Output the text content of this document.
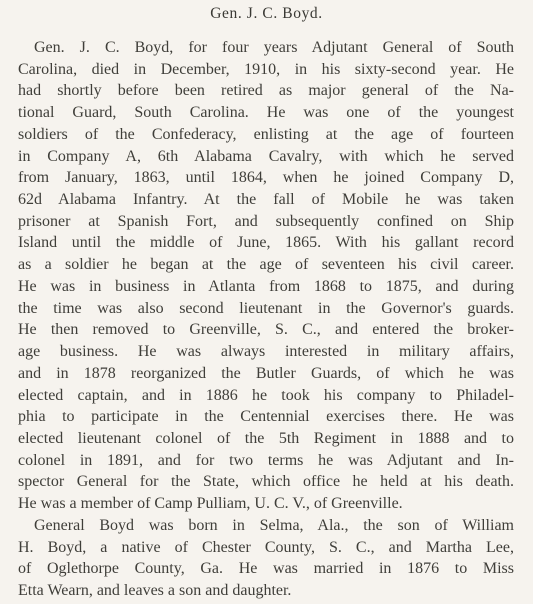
Gen. J. C. Boyd.
Gen. J. C. Boyd, for four years Adjutant General of South
Carolina, died in December, 1910, in his sixty-second year. He
had shortly before been retired as major general of the Na-
tional Guard, South Carolina. He was one of the youngest
soldiers of the Confederacy, enlisting at the age of fourteen
in Company A, 6th Alabama Cavalry, with which he served
from January, 1863, until 1864, when he joined Company D,
62d Alabama Infantry. At the fall of Mobile he was taken
prisoner at Spanish Fort, and subsequently confined on Ship
Island until the middle of June, 1865. With his gallant record
as a soldier he began at the age of seventeen his civil career.
He was in business in Atlanta from 1868 to 1875, and during
the time was also second lieutenant in the Governor's guards.
He then removed to Greenville, S. C., and entered the broker-
age business. He was always interested in military affairs,
and in 1878 reorganized the Butler Guards, of which he was
elected captain, and in 1886 he took his company to Philadel-
phia to participate in the Centennial exercises there. He was
elected lieutenant colonel of the 5th Regiment in 1888 and to
colonel in 1891, and for two terms he was Adjutant and In-
spector General for the State, which office he held at his death.
He was a member of Camp Pulliam, U. C. V., of Greenville.
General Boyd was born in Selma, Ala., the son of William
H. Boyd, a native of Chester County, S. C., and Martha Lee,
of Oglethorpe County, Ga. He was married in 1876 to Miss
Etta Wearn, and leaves a son and daughter.
